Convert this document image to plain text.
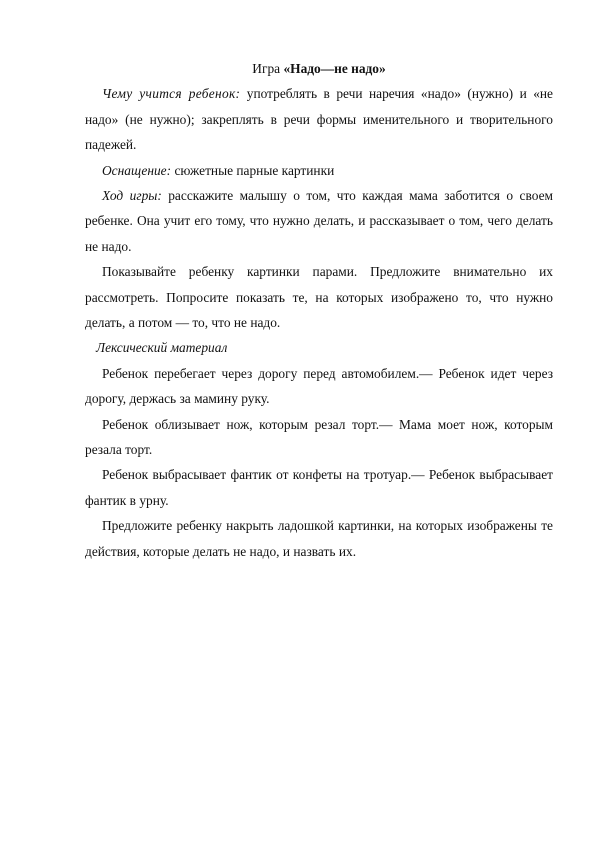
Игра «Надо—не надо»

Чему учится ребенок: употреблять в речи наречия «надо» (нужно) и «не надо» (не нужно); закреплять в речи формы именительного и творительного падежей.

Оснащение: сюжетные парные картинки

Ход игры: расскажите малышу о том, что каждая мама заботится о своем ребенке. Она учит его тому, что нужно делать, и рассказывает о том, чего делать не надо.

Показывайте ребенку картинки парами. Предложите внимательно их рассмотреть. Попросите показать те, на которых изображено то, что нужно делать, а потом — то, что не надо.

Лексический материал

Ребенок перебегает через дорогу перед автомобилем.— Ребенок идет через дорогу, держась за мамину руку.

Ребенок облизывает нож, которым резал торт.— Мама моет нож, которым резала торт.

Ребенок выбрасывает фантик от конфеты на тротуар.— Ребенок выбрасывает фантик в урну.

Предложите ребенку накрыть ладошкой картинки, на которых изображены те действия, которые делать не надо, и назвать их.
